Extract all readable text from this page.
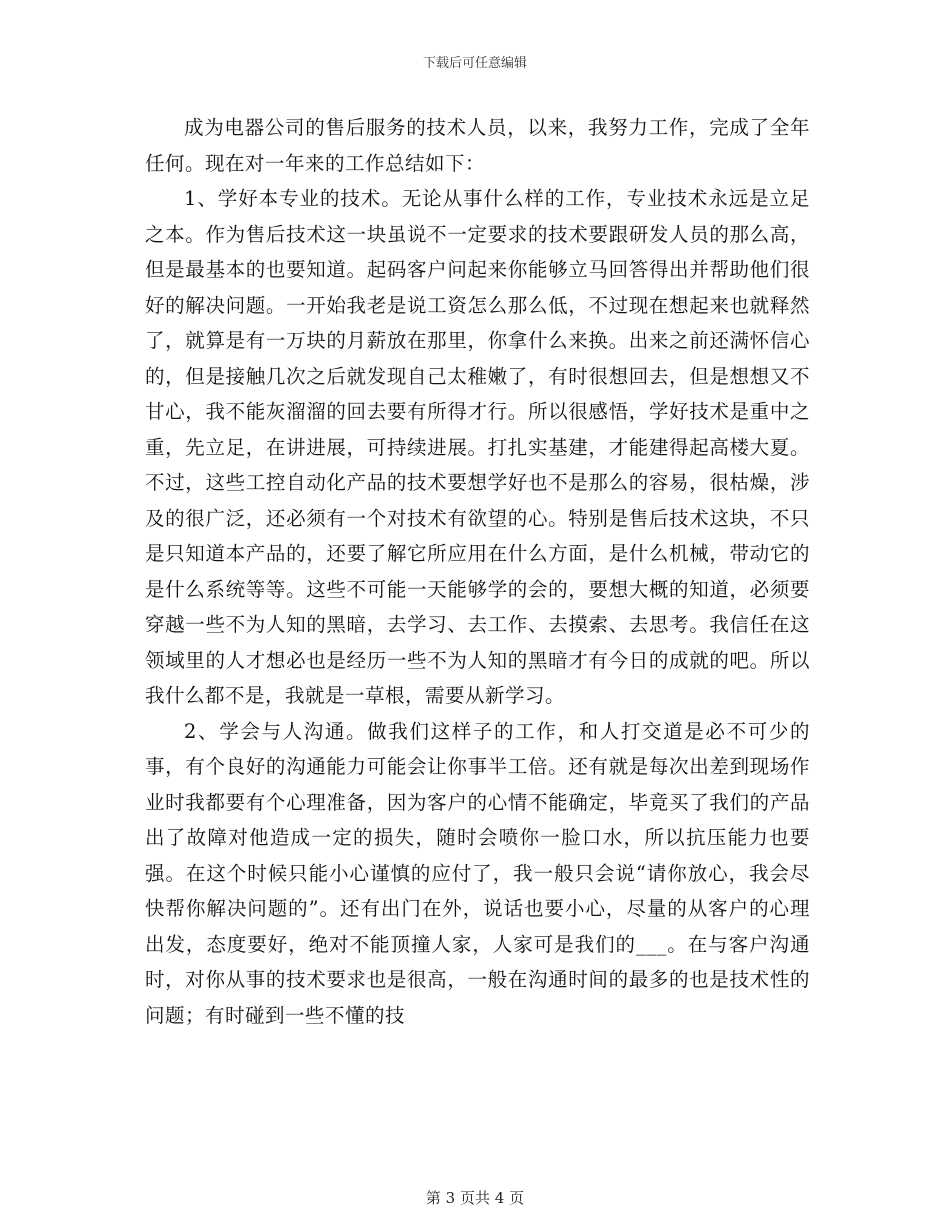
下载后可任意编辑

成为电器公司的售后服务的技术人员，以来，我努力工作，完成了全年任何。现在对一年来的工作总结如下：

1、学好本专业的技术。无论从事什么样的工作，专业技术永远是立足之本。作为售后技术这一块虽说不一定要求的技术要跟研发人员的那么高，但是最基本的也要知道。起码客户问起来你能够立马回答得出并帮助他们很好的解决问题。一开始我老是说工资怎么那么低，不过现在想起来也就释然了，就算是有一万块的月薪放在那里，你拿什么来换。出来之前还满怀信心的，但是接触几次之后就发现自己太稚嫩了，有时很想回去，但是想想又不甘心，我不能灰溜溜的回去要有所得才行。所以很感悟，学好技术是重中之重，先立足，在讲进展，可持续进展。打扎实基建，才能建得起高楼大夏。不过，这些工控自动化产品的技术要想学好也不是那么的容易，很枯燥，涉及的很广泛，还必须有一个对技术有欲望的心。特别是售后技术这块，不只是只知道本产品的，还要了解它所应用在什么方面，是什么机械，带动它的是什么系统等等。这些不可能一天能够学的会的，要想大概的知道，必须要穿越一些不为人知的黑暗，去学习、去工作、去摸索、去思考。我信任在这领域里的人才想必也是经历一些不为人知的黑暗才有今日的成就的吧。所以我什么都不是，我就是一草根，需要从新学习。

2、学会与人沟通。做我们这样子的工作，和人打交道是必不可少的事，有个良好的沟通能力可能会让你事半工倍。还有就是每次出差到现场作业时我都要有个心理准备，因为客户的心情不能确定，毕竟买了我们的产品出了故障对他造成一定的损失，随时会喷你一脸口水，所以抗压能力也要强。在这个时候只能小心谨慎的应付了，我一般只会说“请你放心，我会尽快帮你解决问题的”。还有出门在外，说话也要小心，尽量的从客户的心理出发，态度要好，绝对不能顶撞人家，人家可是我们的___。在与客户沟通时，对你从事的技术要求也是很高，一般在沟通时间的最多的也是技术性的问题；有时碰到一些不懂的技

第 3 页共 4 页
